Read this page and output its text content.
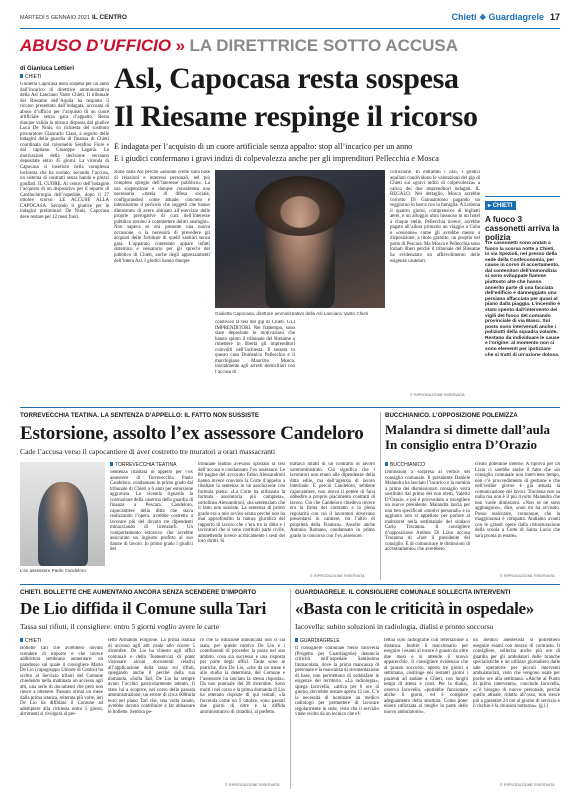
MARTEDÌ 5 GENNAIO 2021 IL CENTRO	Chieti ❖ Guardiagrele 17
ABUSO D’UFFICIO » LA DIRETTRICE SOTTO ACCUSA
di Gianluca Lettieri
CHIETI
Giulietta Capocasa resta sospesa per un anno dall’incarico di direttrice amministrativa della Asl Lanciano Vasto Chieti. Il tribunale del Riesame dell’Aquila ha respinto il ricorso presentato dall’indagata, accusata di abuso d’ufficio per l’acquisto di un cuore artificiale senza gara d’appalto. Resta dunque valida la misura disposta dal giudice Luca De Ninis, su richiesta del sostituto procuratore Giancarlo Ciani, a seguito delle indagini della guardia di finanza di Chieti coordinata dal colonnello Serafino Fiore e dal capitano Giuseppe Laganà. Le motivazioni della decisione verranno depositate entro 45 giorni. La vicenda di Capocasa si inserisce nella complessa inchiesta che ha svelato, secondo l’accusa, un sistema di contratti senza bando e prezzi gonfiati. IL CUORE. Al centro dell’indagine l’acquisto di un dispositivo per il reparto di Cardiochirurgia dell’ospedale, dopo il 27 ottobre scorso. LE ACCUSE ALLA CAPOCASA. Secondo il giudice per le indagini preliminari De Ninis, Capocasa deve restare per 12 mesi fuori.
Asl, Capocasa resta sospesa
Il Riesame respinge il ricorso
È indagata per l’acquisto di un cuore artificiale senza appalto: stop all’incarico per un anno
E i giudici confermano i gravi indizi di colpevolezza anche per gli imprenditori Pellecchia e Mosca
zione dalla Asl perché «assume scelte sulla base di relazioni e interessi personali, nel più completo spregio dell’interesse pubblico». La sua sospensione è dunque considerata una necessaria «tutela di difesa sociale, configurandosi come attuale, concreto e intensissimo il pericolo che soggetti che hanno dimostrato di avere abituato all’esercizio delle proprie prerogative di cura dell’interesse pubblico tornino a commettere delitti analoghi». Non sapeva se era presente una nuova occasione, o la necessità di prevedere gli acquisti delle forniture di quelli sanitari senza gara. L’apparato contestato appare infatti sistemico e vessatorio per gli sprechi del pubblico di Chieti, anche degli apprezzamenti dell’intera Asl. I giudici hanno dunque
Giulietta Capocasa, direttore amministrativo della Asl Lanciano Vasto Chieti
condiviso la tesi del gip di Chieti. GLI IMPRENDITORI. Nel frattempo, sono stare depositate le motivazioni che hanno spinto il tribunale del Riesame a rimettere in libertà gli imprenditori coinvolti nell’inchiesta. Il tessera in questo caso Domenico Pellecchia e il marchigiano Maurizio Mosca, inizialmente agli arresti domiciliari con l’accusa di
corruzione. In entrambi i casi, i giudici aquilani condividono le valutazioni del gip di Chieti sui «gravi indizi di colpevolezza» a carico dei due imprenditori indagati. IL REGALO. Nel dettaglio, Mosca avrebbe corrotto Di Giannantonio pagando un soggiorno in barca con la famiglia. A Lisbona il quattro giorni, comprensivo di biglietti aerei, e un alloggio ultra lussuoso in un hotel a cinque stelle. Pellecchia invece, avrebbe pagato all’allora primario un viaggio a Cuba e «cessione» come gli avrebbe messo a disposizione, a titolo gratuito, un proprio nel porto di Pescara. Ma Mosca e Pellecchia sono tornati liberi perché il tribunale del Riesame ha evidenziato un affievolimento delle esigenze cautelari.
© RIPRODUZIONE RISERVATA
▸ CHIETI
A fuoco 3 cassonetti arriva la polizia
Tre cassonetti sono andati a fuoco la scorsa notte a Chieti, in via Spezioli, nel presso della sede della Confeconomia, per cause in corso di accertamento, dal contenitori dell’immondizia si sono sviluppate fiamme piuttosto alte che hanno annerito parte di una facciata dell’edificio e danneggiato una persiana affacciata per quasi al piano dalla piaggia. L’incendio è stato spento dall’intervento dei vigili del fuoco del comando provinciale di via Masci. Sul posto sono intervenuti anche i poliziotti della squadra volante. Restano da individuare le cause e l’origine: al momento non ci sono elementi per ipotizzare che si tratti di un’azione dolosa.
TORREVECCHIA TEATINA. LA SENTENZA D’APPELLO: IL FATTO NON SUSSISTE
Estorsione, assolto l’ex assessore Candeloro
Cade l’accusa verso il capocantiere di aver costretto tre muratori a orari massacranti
L’ex assessore Paolo Candeloro
TORREVECCHIA TEATINA
Sentenza ribaltata in appello per l’ex assessore di Torrevecchia Paolo Candeloro, condannato in primo grado dal tribunale di Chieti a 6 anni per estorsione aggravata. La vicenda riguarda la costruzione della caserma della guardia di finanza a Pescara. Candeloro, capocantiere della ditta che stava realizzando l’opera, avrebbe costretto a lavorare più del dovuto tre dipendenti minacciando di licenziarli. Un comportamento estorsivo che avrebbe assicurato un ingiusto profitto al suo datore di lavoro. In primo grado i giudici del
tribunale teatino avevano spostato la tesi dell’accusa e condannato l’ex assessore. Le 80 pagine del avvocato Fabio Alessandroni hanno invece convinto la Corte d’appello a ribaltare la sentenza in un assoluzione con formula piena: «La Corte ha utilizzato la formula assolutoria più completa», sottolinea Alessandroni, «ha sentenziato che il fatto non sussiste. La sentenza di primo grado era a mio avviso errata perché non ha mai approfondito la natura giuridica del rapporto di lavoro che c’era tra la ditta e i lavoratori che si sono costituiti parte civile, ammettendo invece acriticamente i testi dei loro diritti. Si
trattava infatti di un contratto di lavoro sommministrato. Ciò significa che i lavoratori non erano alle dipendenze della ditta edile, ma dell’agenzia di lavoro interinale. È perciò Candeloro, sebbene capocantiere, non aveva il potere di farsi obbedire a proprio piacimento contratti di lavoro. Ciò che Candeloro chiedeva invece era la firma del contratto e la piena regolarità con cui il lavoratori dovevano presentarsi in cantiere, tra l’altro di proprietà della Finanza». Assolto anche Antonio Romano, condannato in primo grado in concorso con l’ex assessore.
© RIPRODUZIONE RISERVATA
BUCCHIANICO. L’OPPOSIZIONE POLEMIZZA
Malandra si dimette dall’aula In consiglio entra D’Orazio
BUCCHIANICO
Dimissioni a sorpresa al vertice del consiglio comunale. Il presidente Daniele Malandra ha lasciato l’incarico e la nomina a primo dei dismissionari consiglio verrà sostituito dal primo dei non eletti, Valerio D’Orazio, e poi è provveduto a riscegliere un nuovo presidente. Malandra lascia per non ben specificati «motivi personali» e in aggiunta non si appellato per parlare al maltrarret nella settimanale del sindaco Carlo Tracanna. Il consigliere d’opposizione Andrea Di Lizio accusa Tracanna di «fare il presidente del consiglio. È di comunicare le dimissioni di accentramento» che avrebbero
creato potentine interne. A riprova per Di Lizio ci sarebbe anche il fatto che «lo consiglio comunale non interviene tempo, non c’è provvedimento di gestione e che nell’ordine giorno è già attuata la comunicazione dei lavori. Tracanna non sa nulla ma non è il più rivolto Malandra che non vuole dimissioni. «Non se ne sono aggiungono», dice, «non mi ha avvisato. Posso assicurare, comunque, che la maggioranza è compatta. Andiamo avanti con le grandi opere dalla ristrutturazione della scuola a Corte di Santa Lucia che sarà pronta in estate».
© RIPRODUZIONE RISERVATA
CHIETI. BOLLETTE CHE AUMENTANO ANCORA SENZA SCENDERE D’IMPORTO
De Lio diffida il Comune sulla Tari
Tassa sui rifiuti, il consigliere: entro 5 giorni voglio avere le carte
CHIETI
Bollette Tari che avrebbero dovuto scendere di importo e che invece addirittura sembrano aumentare: un paradosso sul quale il consigliere Mario De Lio (capogruppo Unione di Centro) ha scritto al Servizio tributi del Comune chiedendo nella mattinata un accesso agli atti, una serie di documenti che però non riesce a ottenere. Passato ormai un mese dalla prima istanza, reiterata più volte, ieri De Lio ha diffidato il Comune ad adempiere alla richiesta entro 5 giorni, altrimenti si rivolgerà al pre-
fetto Armando Forgione. La prima istanza di accesso agli atti risale allo scorso 5 dicembre. De Lio ha chiesto agli uffici comunali e della Teateservizi di poter visionare alcuni documenti relativi all’applicazione della tassa sui rifiuti, spiegando anche il perché della sua domanda. «Sulla Tari, De Lio ha sempre avuto l’occhio particolarmente attento. Il stato lui a scoprire, nel corso della passata amministrazione, un errore di circa 600mila euro nel piano Tari che, una volta sanato, avrebbe dovuto contribuire a far abbassare le bollette. Sembra pe-
rò che la riduzione annunciata non ci sia stata, per questo motivo De Lio e i contribuenti di proceder la posta nel suo ambito, cosa sia successo e una risposta per parte degli uffici. Tante sono le pratiche, dice De Lio, «che da un mese è allo studio la determina, del Comune e l’assessore ha lasciato la stessa risposta». Da non puntuale del 28 dicembre. Sono molti i nel corso e la prima domanda di Lio ha ottenuto risposte di qui tentati, «la faccenda come un 5 ottobre, sono passati due giorni di oltre e la diffida amministrativo di cittadini, al prefetto.
© RIPRODUZIONE RISERVATA
GUARDIAGRELE. IL CONSIGLIERE COMUNALE SOLLECITA INTERVENTI
«Basta con le criticità in ospedale»
Iacovella: subito soluzioni in radiologia, dialisi e pronto soccorso
GUARDIAGRELE
Il consigliere comunale Nello Iacovella (Progetto per Guardiagrele) denuncia criticità nell’ospedale Santissima Immacolata, dove la prima mancanza di personale e la mancanza di strumentazione di base, non permettono di soddisfare le esigenze del territorio. «La radiologia», spiega Iacovella, «attiva per 6 ore al giorno, dovrebbe restare aperta 12 ore. C’è la necessità di nominare un medico radiologo per permettere di lavorare regolarmente in sede, visto che il servizio viene svolto da un tecnico che ef-
fettua solo radiografie con refertazione a distanza. Inoltre il macchinario per eseguire i esami al torace è guasto da oltre due mesi e si attende il nuovo apparecchio. Il consigliere evidenzia che al pronto soccorso, aperto tre giorni a settimana, costringe nei restanti giorni i pazienti ad andare a Chieti, con lunghi tempi di attesa e costi. Per la dialisi, osserva Iacovella, «potrebbe funzionare anche 6 giorni, ed è complice adeguamento della struttura. Come poter essere utilizzata al meglio la parte dello nuovo ambulatorio».
un medico anestesista si potrebbero eseguire esami con mezzo di contrasto. Il consigliere, sollecita anche più ore di guardia per gli ambulatori delle branche specialistiche e un utilizzo giornaliero dalle sale operatorie per piccoli interventi ambulatoriali, visto che vengono usate per poche ore alla settimana. «Anche al Punto di primo intervento», conclude Iacovella, «c’è bisogno di nuovo personale, perché quello attuale, ridotto all’osso, non riesce più a garantire 24 ore al giorno di servizio e il rischio è la chiusura notturna». (g.i.)
© RIPRODUZIONE RISERVATA
